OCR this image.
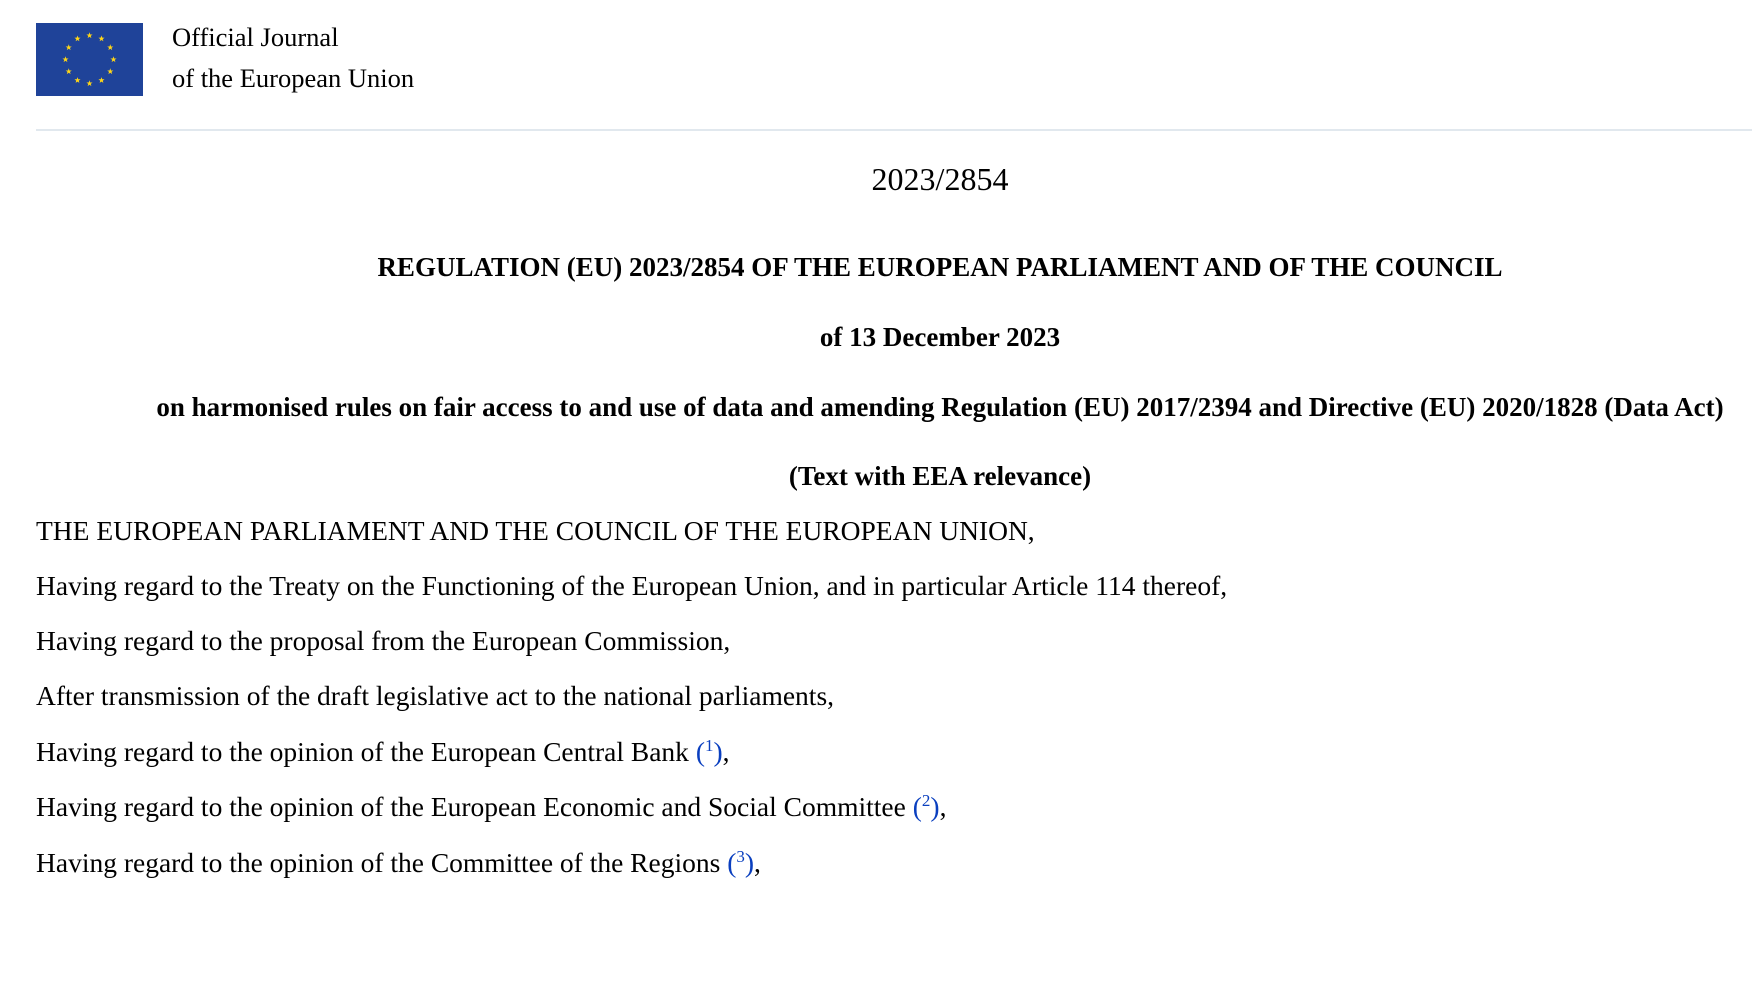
Official Journal
of the European Union
2023/2854
REGULATION (EU) 2023/2854 OF THE EUROPEAN PARLIAMENT AND OF THE COUNCIL
of 13 December 2023
on harmonised rules on fair access to and use of data and amending Regulation (EU) 2017/2394 and Directive (EU) 2020/1828 (Data Act)
(Text with EEA relevance)
THE EUROPEAN PARLIAMENT AND THE COUNCIL OF THE EUROPEAN UNION,
Having regard to the Treaty on the Functioning of the European Union, and in particular Article 114 thereof,
Having regard to the proposal from the European Commission,
After transmission of the draft legislative act to the national parliaments,
Having regard to the opinion of the European Central Bank ($^1$),
Having regard to the opinion of the European Economic and Social Committee ($^2$),
Having regard to the opinion of the Committee of the Regions ($^3$),
